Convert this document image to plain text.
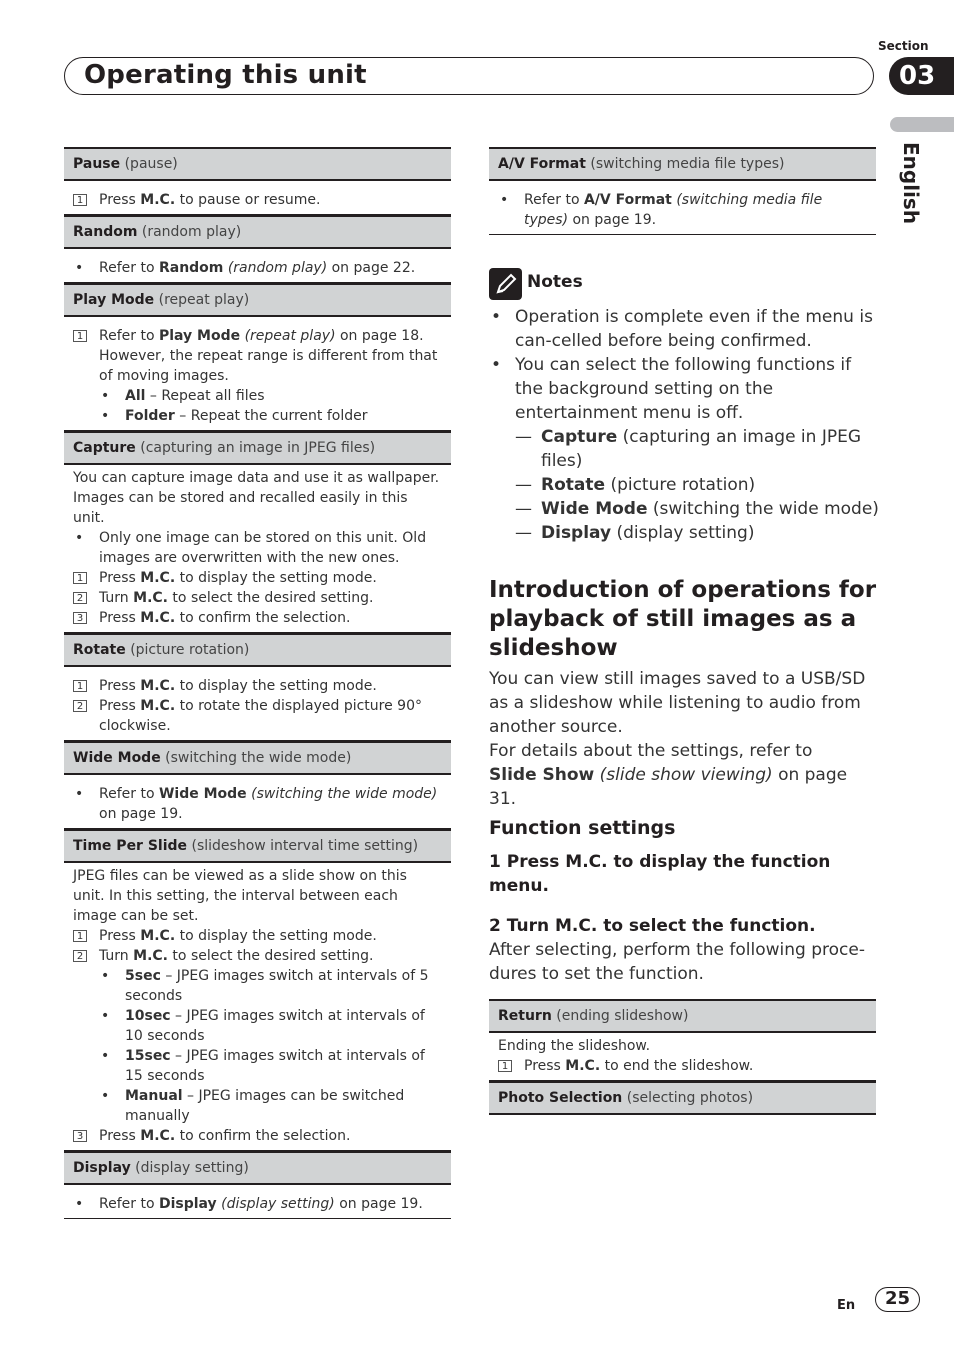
Operating this unit
Section
03
English
Pause
(pause)
1 Press M.C. to pause or resume.
Random
(random play)
•	Refer to Random (random play) on page 22.
Play Mode
(repeat play)
1 Refer to Play Mode (repeat play) on page 18. However, the repeat range is different from that of moving images.
•	All – Repeat all files
•	Folder – Repeat the current folder
Capture
(capturing an image in JPEG files)
You can capture image data and use it as wallpaper. Images can be stored and recalled easily in this unit.
•	Only one image can be stored on this unit. Old images are overwritten with the new ones.
1 Press M.C. to display the setting mode.
2 Turn M.C. to select the desired setting.
3 Press M.C. to confirm the selection.
Rotate
(picture rotation)
1 Press M.C. to display the setting mode.
2 Press M.C. to rotate the displayed picture 90° clockwise.
Wide Mode
(switching the wide mode)
•	Refer to Wide Mode (switching the wide mode) on page 19.
Time Per Slide
(slideshow interval time setting)
JPEG files can be viewed as a slide show on this unit. In this setting, the interval between each image can be set.
1 Press M.C. to display the setting mode.
2 Turn M.C. to select the desired setting.
•	5sec – JPEG images switch at intervals of 5 seconds
•	10sec – JPEG images switch at intervals of 10 seconds
•	15sec – JPEG images switch at intervals of 15 seconds
•	Manual – JPEG images can be switched manually
3 Press M.C. to confirm the selection.
Display
(display setting)
•	Refer to Display (display setting) on page 19.
A/V Format
(switching media file types)
•	Refer to A/V Format (switching media file types) on page 19.
Notes
• Operation is complete even if the menu is can-celled before being confirmed.
• You can select the following functions if the background setting on the entertainment menu is off.
— Capture (capturing an image in JPEG files)
— Rotate (picture rotation)
— Wide Mode (switching the wide mode)
— Display (display setting)
Introduction of operations for playback of still images as a slideshow
You can view still images saved to a USB/SD as a slideshow while listening to audio from another source.
For details about the settings, refer to
Slide Show (slide show viewing) on page 31.
Function settings
1 Press M.C. to display the function menu.
2 Turn M.C. to select the function.
After selecting, perform the following proce-dures to set the function.
Return
(ending slideshow)
Ending the slideshow.
1 Press M.C. to end the slideshow.
Photo Selection
(selecting photos)
En	25
